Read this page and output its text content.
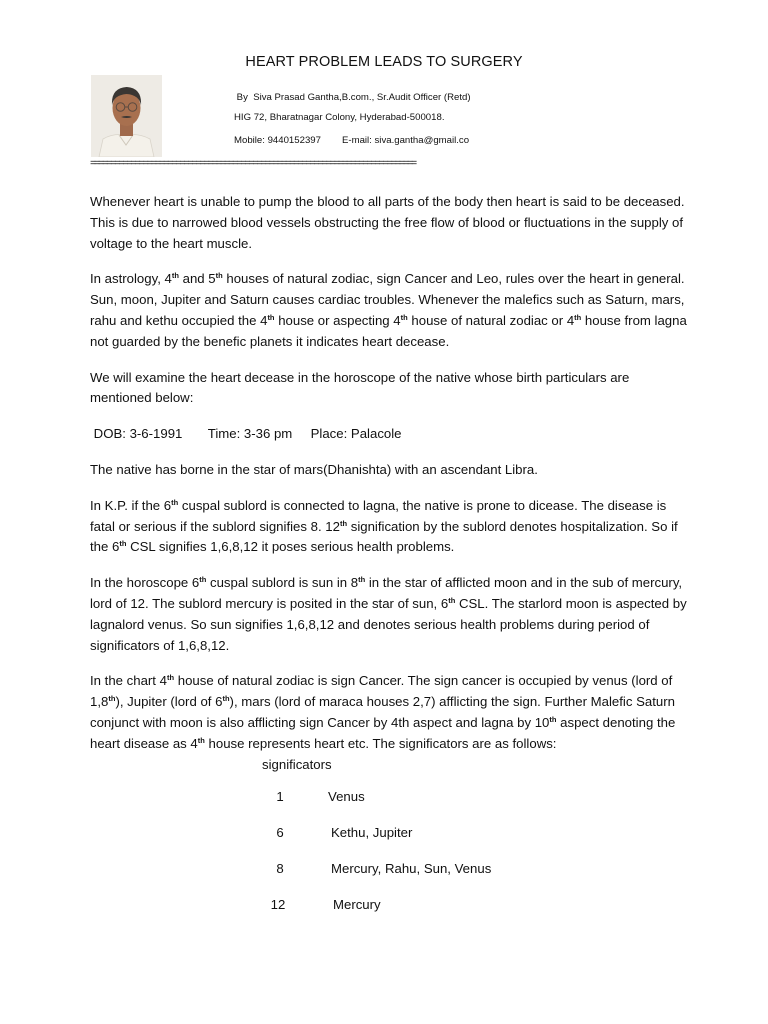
HEART PROBLEM LEADS TO SURGERY
By  Siva Prasad Gantha,B.com., Sr.Audit Officer (Retd)
HIG 72, Bharatnagar Colony, Hyderabad-500018.
Mobile: 9440152397 E-mail: siva.gantha@gmail.co
================================================================================

Whenever heart is unable to pump the blood to all parts of the body then heart is said to be deceased. This is due to narrowed blood vessels obstructing the free flow of blood or fluctuations in the supply of voltage to the heart muscle.

In astrology, 4th and 5th houses of natural zodiac, sign Cancer and Leo, rules over the heart in general. Sun, moon, Jupiter and Saturn causes cardiac troubles. Whenever the malefics such as Saturn, mars, rahu and kethu occupied the 4th house or aspecting 4th house of natural zodiac or 4th house from lagna not guarded by the benefic planets it indicates heart decease.

We will examine the heart decease in the horoscope of the native whose birth particulars are mentioned below:

DOB: 3-6-1991       Time: 3-36 pm     Place: Palacole

The native has borne in the star of mars(Dhanishta) with an ascendant Libra.

In K.P. if the 6th cuspal sublord is connected to lagna, the native is prone to dicease. The disease is fatal or serious if the sublord signifies 8. 12th signification by the sublord denotes hospitalization. So if the 6th CSL signifies 1,6,8,12 it poses serious health problems.

In the horoscope 6th cuspal sublord is sun in 8th in the star of afflicted moon and in the sub of mercury, lord of 12. The sublord mercury is posited in the star of sun, 6th CSL. The starlord moon is aspected by lagnalord venus. So sun signifies 1,6,8,12 and denotes serious health problems during period of significators of 1,6,8,12.

In the chart 4th house of natural zodiac is sign Cancer. The sign cancer is occupied by venus (lord of 1,8th), Jupiter (lord of 6th), mars (lord of maraca houses 2,7) afflicting the sign. Further Malefic Saturn conjunct with moon is also afflicting sign Cancer by 4th aspect and lagna by 10th aspect denoting the heart disease as 4th house represents heart etc. The significators are as follows:significators

1	Venus
6	Kethu, Jupiter
8	Mercury, Rahu, Sun, Venus
12	Mercury
